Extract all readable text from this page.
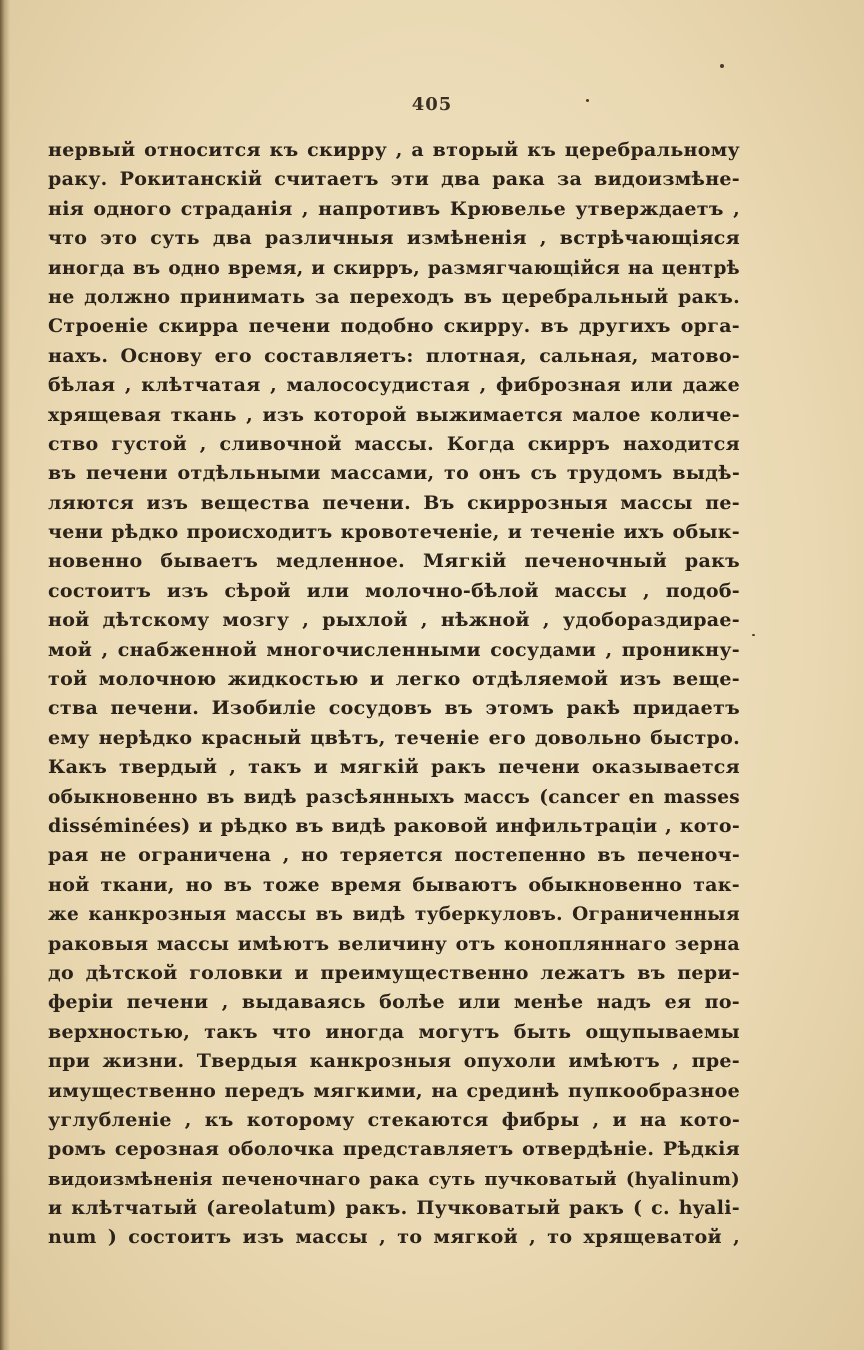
405
нервый относится къ скирру , а вторый къ церебральному
раку. Рокитанскій считаетъ эти два рака за видоизмѣне-
нія одного страданія , напротивъ Крювелье утверждаетъ ,
что это суть два различныя измѣненія , встрѣчающіяся
иногда въ одно время, и скирръ, размягчающійся на центрѣ
не должно принимать за переходъ въ церебральный ракъ.
Строеніе скирра печени подобно скирру. въ другихъ орга-
нахъ. Основу его составляетъ: плотная, сальная, матово-
бѣлая , клѣтчатая , малососудистая , фиброзная или даже
хрящевая ткань , изъ которой выжимается малое количе-
ство густой , сливочной массы. Когда скирръ находится
въ печени отдѣльными массами, то онъ съ трудомъ выдѣ-
ляются изъ вещества печени. Въ скиррозныя массы пе-
чени рѣдко происходитъ кровотеченіе, и теченіе ихъ обык-
новенно бываетъ медленное. Мягкій печеночный ракъ
состоитъ изъ сѣрой или молочно-бѣлой массы , подоб-
ной дѣтскому мозгу , рыхлой , нѣжной , удобораздирае-
мой , снабженной многочисленными сосудами , проникну-
той молочною жидкостью и легко отдѣляемой изъ веще-
ства печени. Изобиліе сосудовъ въ этомъ ракѣ придаетъ
ему нерѣдко красный цвѣтъ, теченіе его довольно быстро.
Какъ твердый , такъ и мягкій ракъ печени оказывается
обыкновенно въ видѣ разсѣянныхъ массъ (cancer en masses
disséminées) и рѣдко въ видѣ раковой инфильтраціи , кото-
рая не ограничена , но теряется постепенно въ печеноч-
ной ткани, но въ тоже время бываютъ обыкновенно так-
же канкрозныя массы въ видѣ туберкуловъ. Ограниченныя
раковыя массы имѣютъ величину отъ конопляннаго зерна
до дѣтской головки и преимущественно лежатъ въ пери-
феріи печени , выдаваясь болѣе или менѣе надъ ея по-
верхностью, такъ что иногда могутъ быть ощупываемы
при жизни. Твердыя канкрозныя опухоли имѣютъ , пре-
имущественно передъ мягкими, на срединѣ пупкообразное
углубленіе , къ которому стекаются фибры , и на кото-
ромъ серозная оболочка представляетъ отвердѣніе. Рѣдкія
видоизмѣненія печеночнаго рака суть пучковатый (hyalinum)
и клѣтчатый (areolatum) ракъ. Пучковатый ракъ ( c. hyali-
num ) состоитъ изъ массы , то мягкой , то хрящеватой ,
